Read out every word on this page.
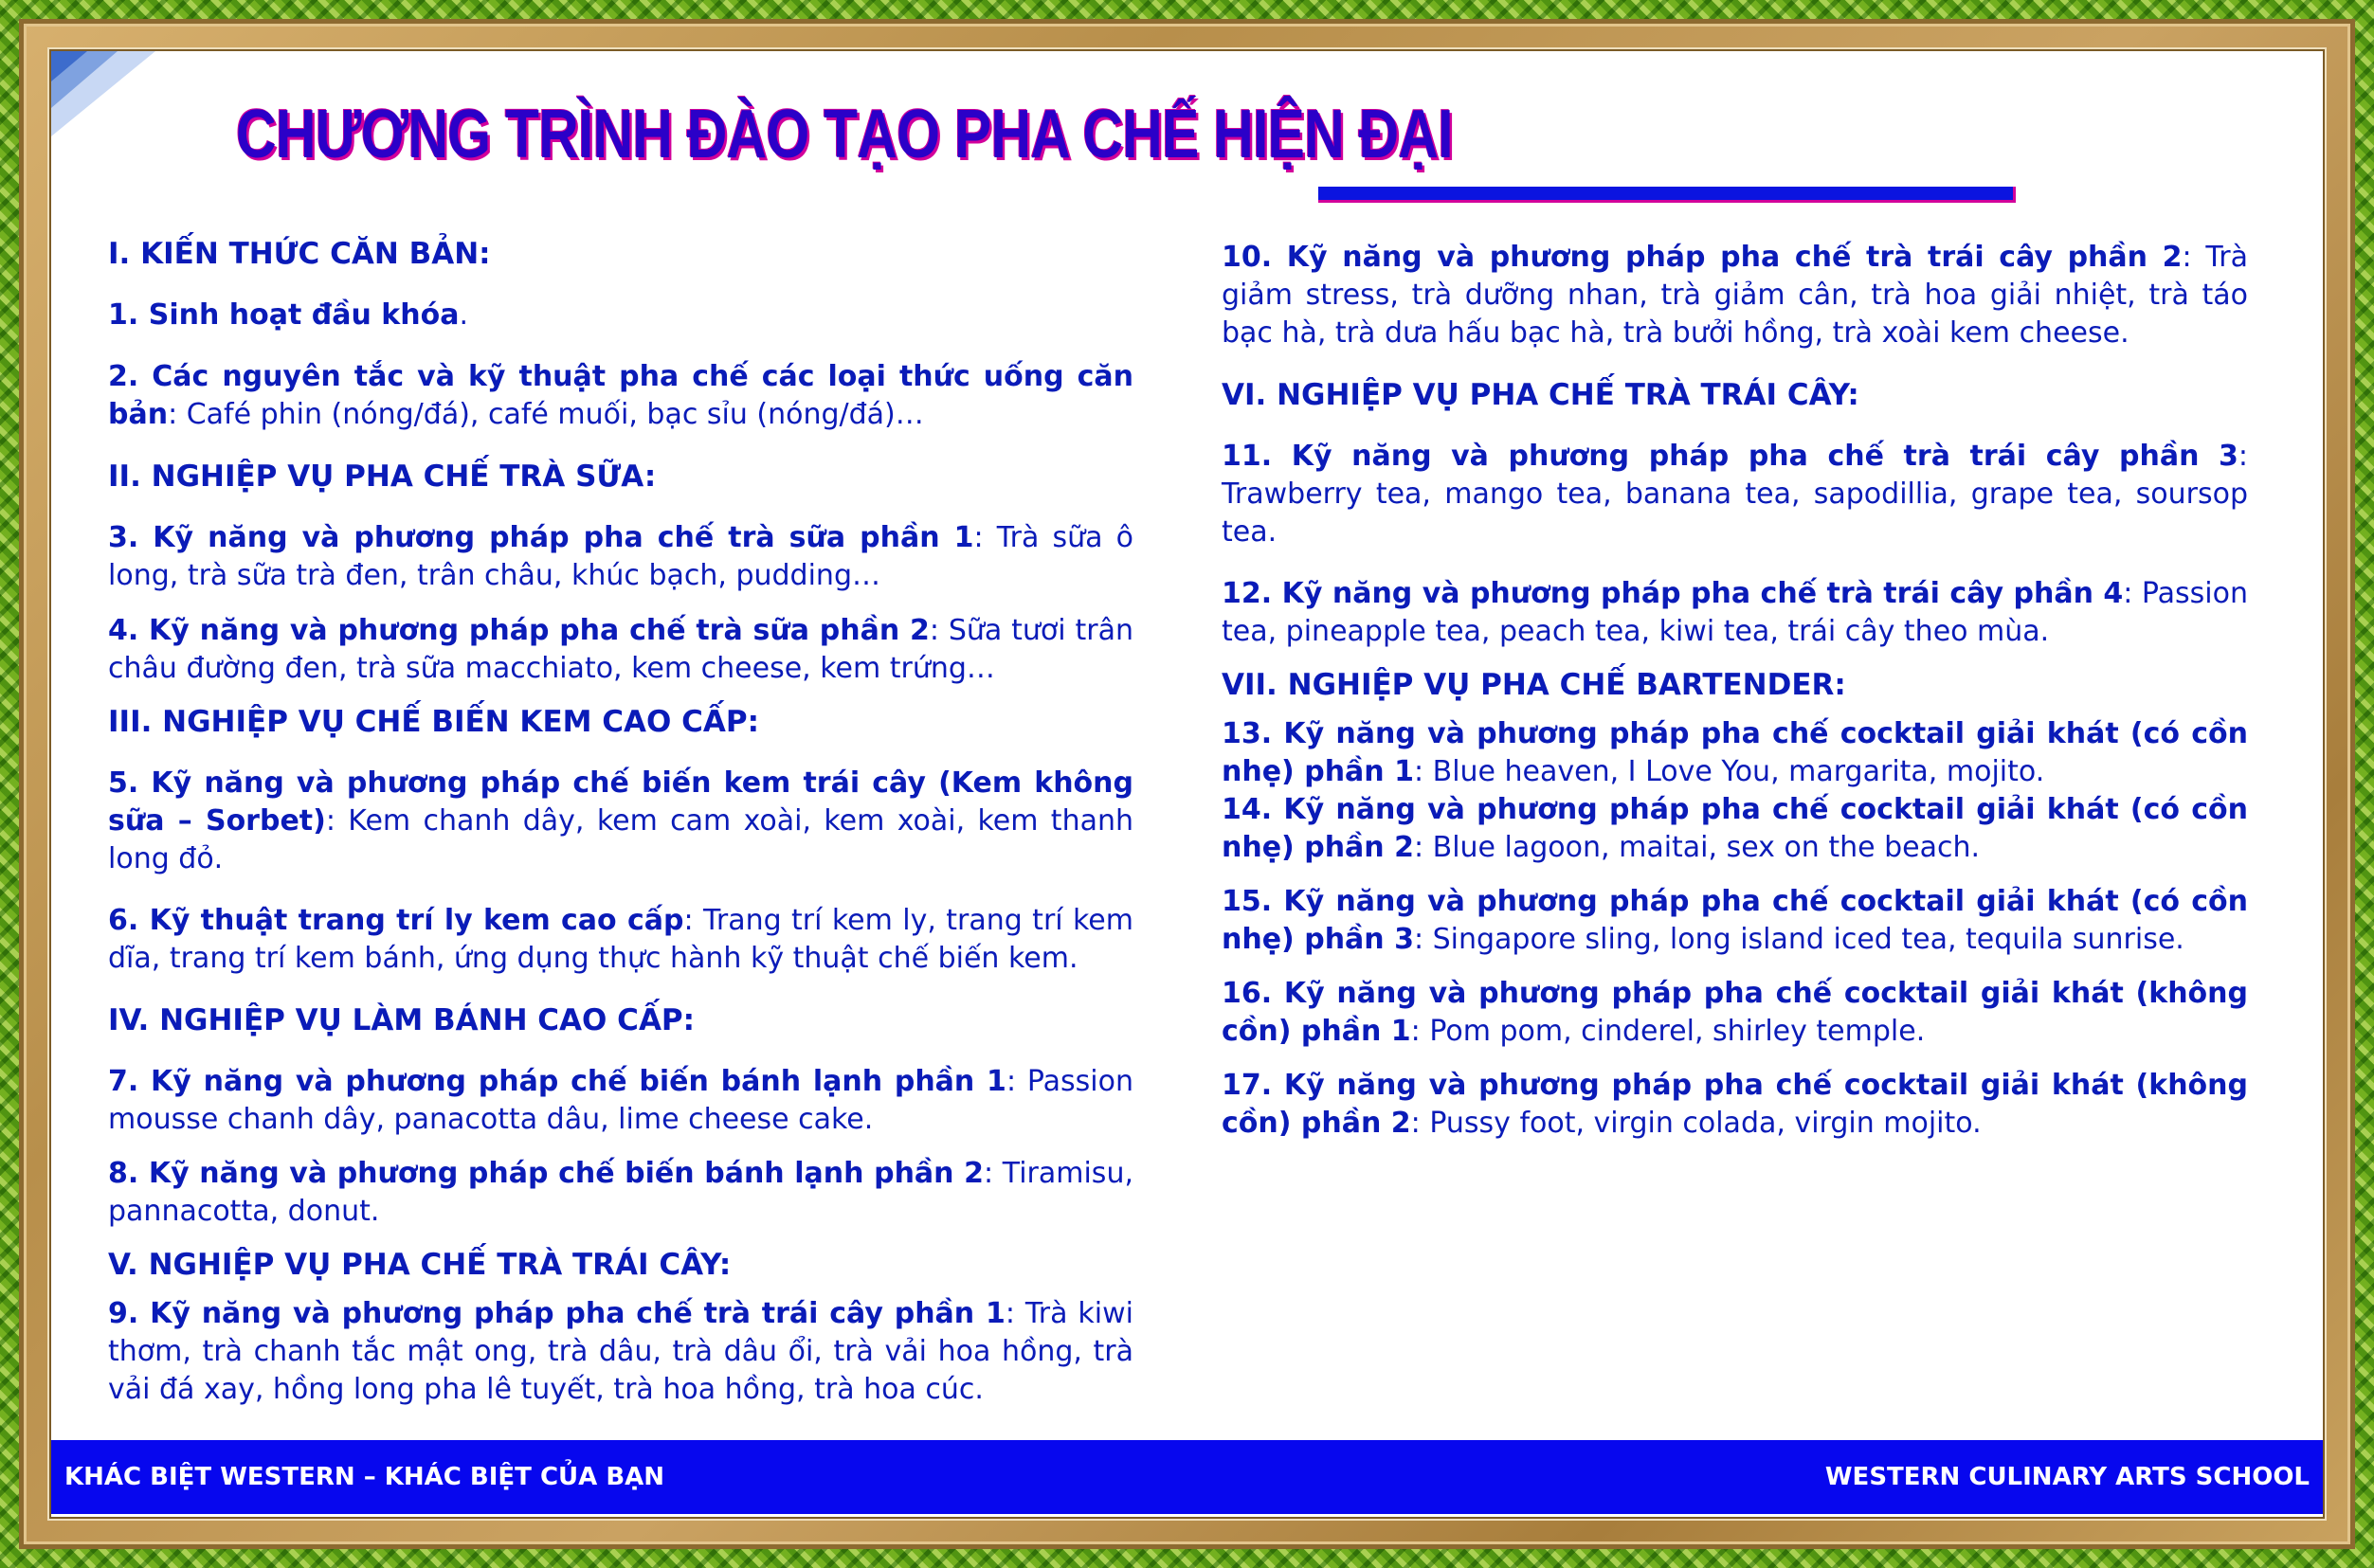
CHƯƠNG TRÌNH ĐÀO TẠO PHA CHẾ HIỆN ĐẠI

I. KIẾN THỨC CĂN BẢN:

1. Sinh hoạt đầu khóa.

2. Các nguyên tắc và kỹ thuật pha chế các loại thức uống căn bản: Café phin (nóng/đá), café muối, bạc sỉu (nóng/đá)…

II. NGHIỆP VỤ PHA CHẾ TRÀ SỮA:

3. Kỹ năng và phương pháp pha chế trà sữa phần 1: Trà sữa ô long, trà sữa trà đen, trân châu, khúc bạch, pudding…

4. Kỹ năng và phương pháp pha chế trà sữa phần 2: Sữa tươi trân châu đường đen, trà sữa macchiato, kem cheese, kem trứng…

III. NGHIỆP VỤ CHẾ BIẾN KEM CAO CẤP:

5. Kỹ năng và phương pháp chế biến kem trái cây (Kem không sữa – Sorbet): Kem chanh dây, kem cam xoài, kem xoài, kem thanh long đỏ.

6. Kỹ thuật trang trí ly kem cao cấp: Trang trí kem ly, trang trí kem dĩa, trang trí kem bánh, ứng dụng thực hành kỹ thuật chế biến kem.

IV. NGHIỆP VỤ LÀM BÁNH CAO CẤP:

7. Kỹ năng và phương pháp chế biến bánh lạnh phần 1: Passion mousse chanh dây, panacotta dâu, lime cheese cake.

8. Kỹ năng và phương pháp chế biến bánh lạnh phần 2: Tiramisu, pannacotta, donut.

V. NGHIỆP VỤ PHA CHẾ TRÀ TRÁI CÂY:

9. Kỹ năng và phương pháp pha chế trà trái cây phần 1: Trà kiwi thơm, trà chanh tắc mật ong, trà dâu, trà dâu ổi, trà vải hoa hồng, trà vải đá xay, hồng long pha lê tuyết, trà hoa hồng, trà hoa cúc.

10. Kỹ năng và phương pháp pha chế trà trái cây phần 2: Trà giảm stress, trà dưỡng nhan, trà giảm cân, trà hoa giải nhiệt, trà táo bạc hà, trà dưa hấu bạc hà, trà bưởi hồng, trà xoài kem cheese.

VI. NGHIỆP VỤ PHA CHẾ TRÀ TRÁI CÂY:

11. Kỹ năng và phương pháp pha chế trà trái cây phần 3: Trawberry tea, mango tea, banana tea, sapodillia, grape tea, soursop tea.

12. Kỹ năng và phương pháp pha chế trà trái cây phần 4: Passion tea, pineapple tea, peach tea, kiwi tea, trái cây theo mùa.

VII. NGHIỆP VỤ PHA CHẾ BARTENDER:

13. Kỹ năng và phương pháp pha chế cocktail giải khát (có cồn nhẹ) phần 1: Blue heaven, I Love You, margarita, mojito.

14. Kỹ năng và phương pháp pha chế cocktail giải khát (có cồn nhẹ) phần 2: Blue lagoon, maitai, sex on the beach.

15. Kỹ năng và phương pháp pha chế cocktail giải khát (có cồn nhẹ) phần 3: Singapore sling, long island iced tea, tequila sunrise.

16. Kỹ năng và phương pháp pha chế cocktail giải khát (không cồn) phần 1: Pom pom, cinderel, shirley temple.

17. Kỹ năng và phương pháp pha chế cocktail giải khát (không cồn) phần 2: Pussy foot, virgin colada, virgin mojito.

KHÁC BIỆT WESTERN – KHÁC BIỆT CỦA BẠN	WESTERN CULINARY ARTS SCHOOL
